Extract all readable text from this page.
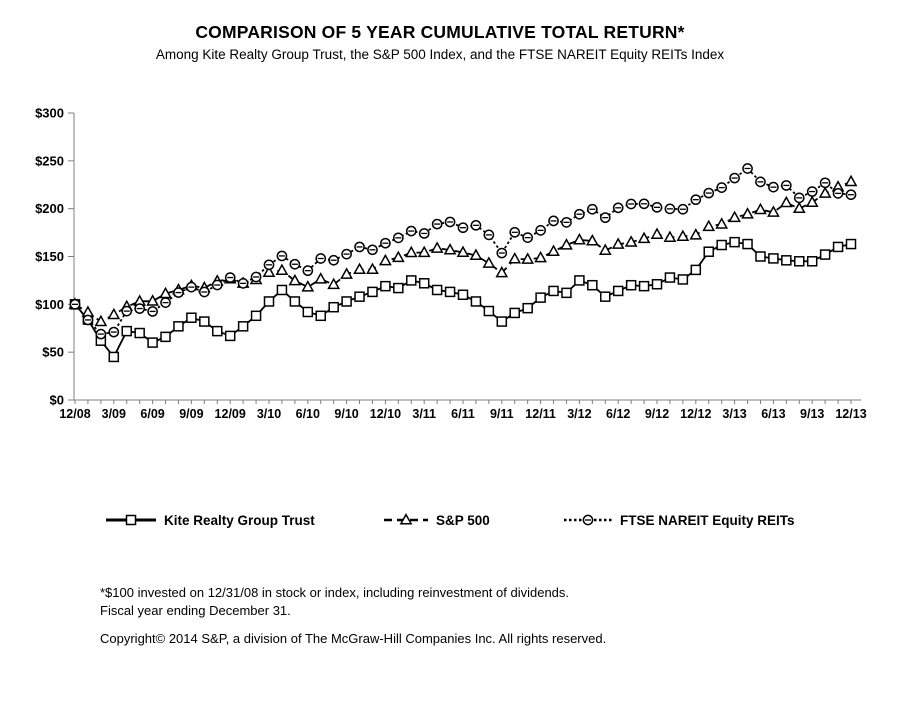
COMPARISON OF 5 YEAR CUMULATIVE TOTAL RETURN*
Among Kite Realty Group Trust, the S&P 500 Index, and the FTSE NAREIT Equity REITs Index
$0
$50
$100
$150
$200
$250
$300
12/08 3/09 6/09 9/09 12/09 3/10 6/10 9/10 12/10 3/11 6/11 9/11 12/11 3/12 6/12 9/12 12/12 3/13 6/13 9/13 12/13
Kite Realty Group Trust	S&P 500	FTSE NAREIT Equity REITs
*$100 invested on 12/31/08 in stock or index, including reinvestment of dividends.
Fiscal year ending December 31.
Copyright© 2014 S&P, a division of The McGraw-Hill Companies Inc. All rights reserved.
